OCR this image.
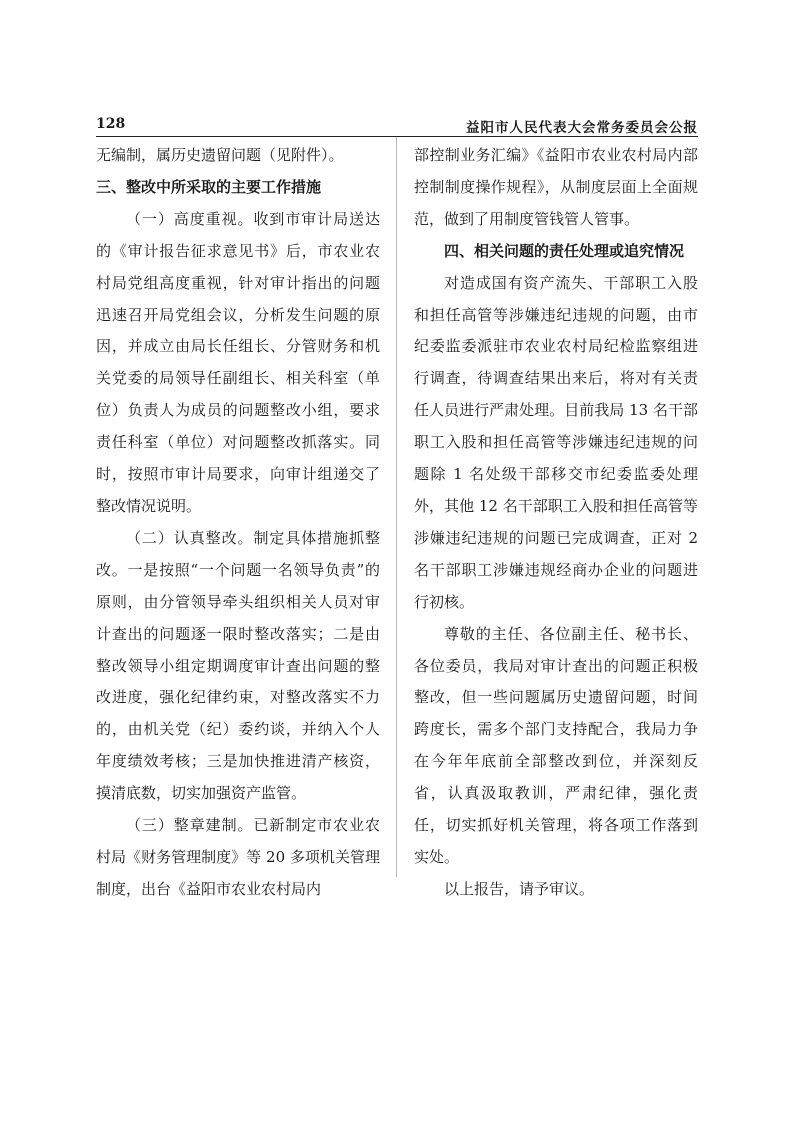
128	益阳市人民代表大会常务委员会公报

无编制，属历史遗留问题（见附件）。

三、整改中所采取的主要工作措施

（一）高度重视。收到市审计局送达的《审计报告征求意见书》后，市农业农村局党组高度重视，针对审计指出的问题迅速召开局党组会议，分析发生问题的原因，并成立由局长任组长、分管财务和机关党委的局领导任副组长、相关科室（单位）负责人为成员的问题整改小组，要求责任科室（单位）对问题整改抓落实。同时，按照市审计局要求，向审计组递交了整改情况说明。

（二）认真整改。制定具体措施抓整改。一是按照“一个问题一名领导负责”的原则，由分管领导牵头组织相关人员对审计查出的问题逐一限时整改落实；二是由整改领导小组定期调度审计查出问题的整改进度，强化纪律约束，对整改落实不力的，由机关党（纪）委约谈，并纳入个人年度绩效考核；三是加快推进清产核资，摸清底数，切实加强资产监管。

（三）整章建制。已新制定市农业农村局《财务管理制度》等 20 多项机关管理制度，出台《益阳市农业农村局内

部控制业务汇编》《益阳市农业农村局内部控制制度操作规程》，从制度层面上全面规范，做到了用制度管钱管人管事。

四、相关问题的责任处理或追究情况

对造成国有资产流失、干部职工入股和担任高管等涉嫌违纪违规的问题，由市纪委监委派驻市农业农村局纪检监察组进行调查，待调查结果出来后，将对有关责任人员进行严肃处理。目前我局 13 名干部职工入股和担任高管等涉嫌违纪违规的问题除 1 名处级干部移交市纪委监委处理外，其他 12 名干部职工入股和担任高管等涉嫌违纪违规的问题已完成调查，正对 2 名干部职工涉嫌违规经商办企业的问题进行初核。

尊敬的主任、各位副主任、秘书长、各位委员，我局对审计查出的问题正积极整改，但一些问题属历史遗留问题，时间跨度长，需多个部门支持配合，我局力争在今年年底前全部整改到位，并深刻反省，认真汲取教训，严肃纪律，强化责任，切实抓好机关管理，将各项工作落到实处。

以上报告，请予审议。
